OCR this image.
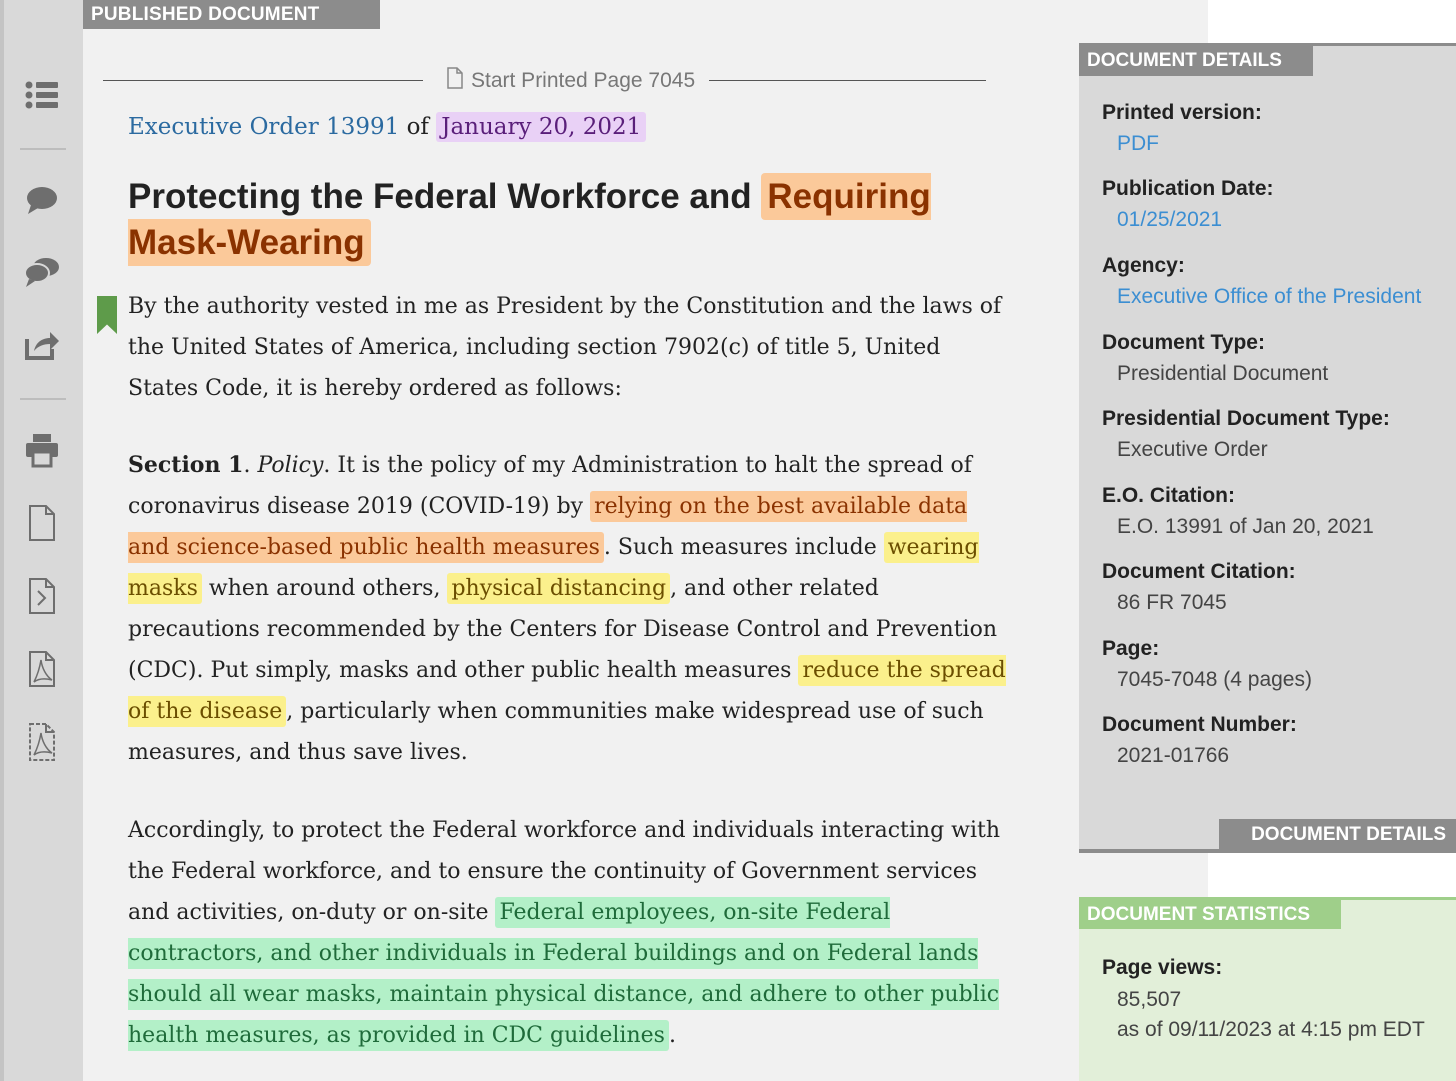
PUBLISHED DOCUMENT
Start Printed Page 7045
Executive Order 13991 of January 20, 2021
Protecting the Federal Workforce and Requiring Mask-Wearing

By the authority vested in me as President by the Constitution and the laws of the United States of America, including section 7902(c) of title 5, United States Code, it is hereby ordered as follows:

Section 1. Policy. It is the policy of my Administration to halt the spread of coronavirus disease 2019 (COVID-19) by relying on the best available data and science-based public health measures . Such measures include wearing masks when around others, physical distancing , and other related precautions recommended by the Centers for Disease Control and Prevention (CDC). Put simply, masks and other public health measures reduce the spread of the disease , particularly when communities make widespread use of such measures, and thus save lives.

Accordingly, to protect the Federal workforce and individuals interacting with the Federal workforce, and to ensure the continuity of Government services and activities, on-duty or on-site Federal employees, on-site Federal contractors, and other individuals in Federal buildings and on Federal lands should all wear masks, maintain physical distance, and adhere to other public health measures, as provided in CDC guidelines .

DOCUMENT DETAILS
Printed version:
PDF
Publication Date:
01/25/2021
Agency:
Executive Office of the President
Document Type:
Presidential Document
Presidential Document Type:
Executive Order
E.O. Citation:
E.O. 13991 of Jan 20, 2021
Document Citation:
86 FR 7045
Page:
7045-7048 (4 pages)
Document Number:
2021-01766
DOCUMENT DETAILS
DOCUMENT STATISTICS
Page views:
85,507
as of 09/11/2023 at 4:15 pm EDT
